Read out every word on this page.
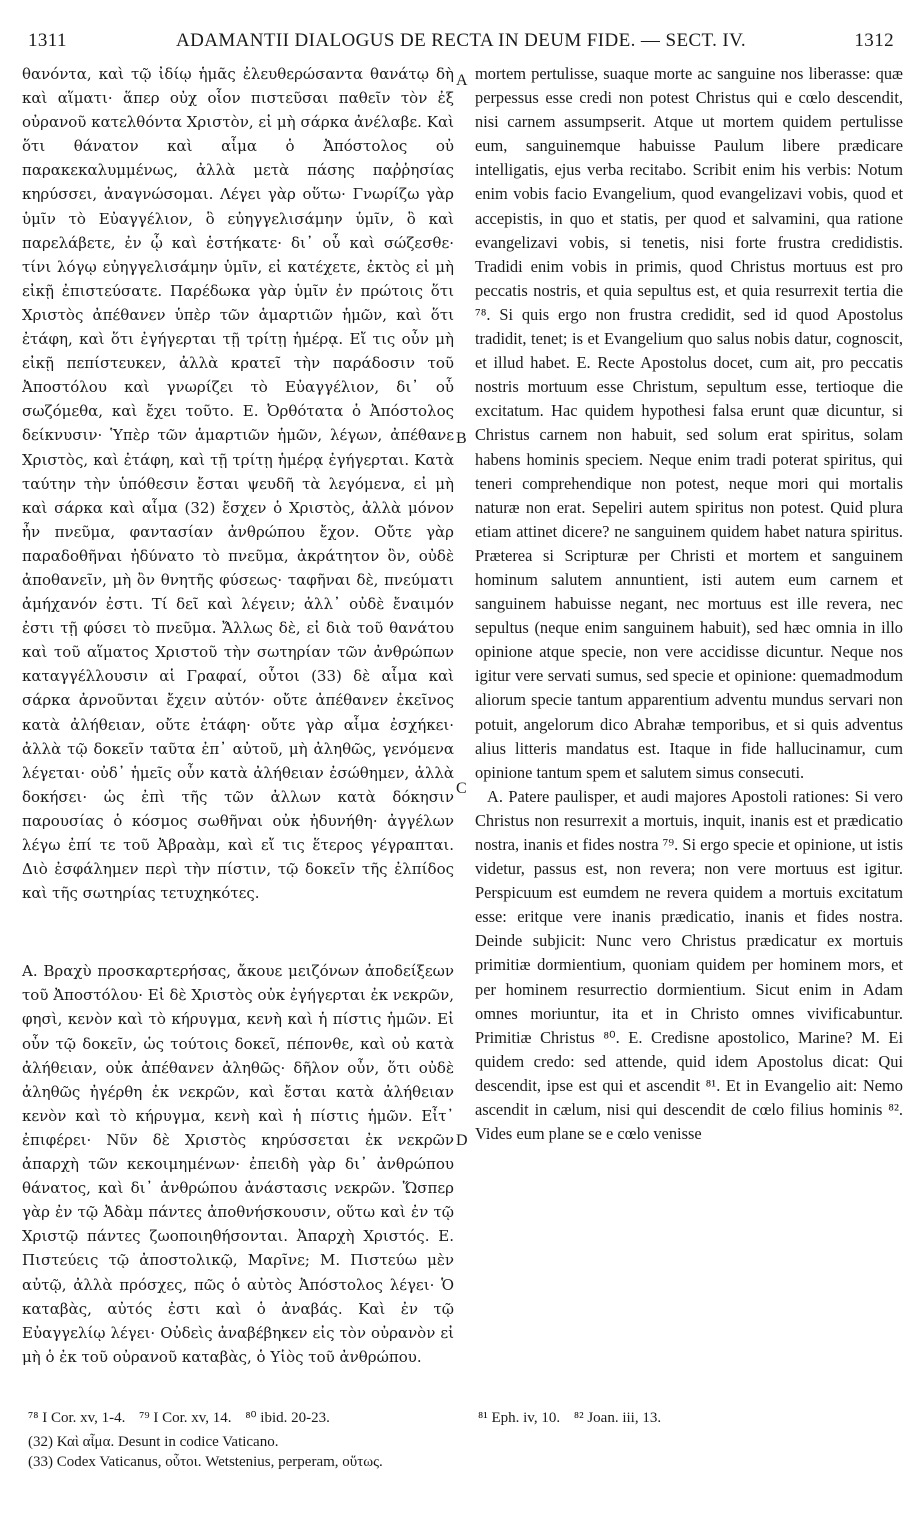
1311	ADAMANTII DIALOGUS DE RECTA IN DEUM FIDE. — SECT. IV.	1312

θανόντα, καὶ τῷ ἰδίῳ ἡμᾶς ἐλευθερώσαντα θανάτῳ δὴ καὶ αἵματι· ἅπερ οὐχ οἷον πιστεῦσαι παθεῖν τὸν ἐξ οὐρανοῦ κατελθόντα Χριστὸν, εἰ μὴ σάρκα ἀνέλαβε. Καὶ ὅτι θάνατον καὶ αἷμα ὁ Ἀπόστολος οὐ παρακεκαλυμμένως, ἀλλὰ μετὰ πάσης παῤῥησίας κηρύσσει, ἀναγνώσομαι. Λέγει γὰρ οὕτω· Γνωρίζω γὰρ ὑμῖν τὸ Εὐαγγέλιον, ὃ εὐηγγελισάμην ὑμῖν, ὃ καὶ παρελάβετε, ἐν ᾧ καὶ ἑστήκατε· δι᾽ οὗ καὶ σώζεσθε· τίνι λόγῳ εὐηγγελισάμην ὑμῖν, εἰ κατέχετε, ἐκτὸς εἰ μὴ εἰκῇ ἐπιστεύσατε. Παρέδωκα γὰρ ὑμῖν ἐν πρώτοις ὅτι Χριστὸς ἀπέθανεν ὑπὲρ τῶν ἁμαρτιῶν ἡμῶν, καὶ ὅτι ἐτάφη, καὶ ὅτι ἐγήγερται τῇ τρίτῃ ἡμέρᾳ. Εἴ τις οὖν μὴ εἰκῇ πεπίστευκεν, ἀλλὰ κρατεῖ τὴν παράδοσιν τοῦ Ἀποστόλου καὶ γνωρίζει τὸ Εὐαγγέλιον, δι᾽ οὗ σωζόμεθα, καὶ ἔχει τοῦτο. Ε. Ὀρθότατα ὁ Ἀπόστολος δείκνυσιν· Ὑπὲρ τῶν ἁμαρτιῶν ἡμῶν, λέγων, ἀπέθανε Χριστὸς, καὶ ἐτάφη, καὶ τῇ τρίτῃ ἡμέρᾳ ἐγήγερται. Κατὰ ταύτην τὴν ὑπόθεσιν ἔσται ψευδῆ τὰ λεγόμενα, εἰ μὴ καὶ σάρκα καὶ αἷμα (32) ἔσχεν ὁ Χριστὸς, ἀλλὰ μόνον ἦν πνεῦμα, φαντασίαν ἀνθρώπου ἔχον. Οὔτε γὰρ παραδοθῆναι ἠδύνατο τὸ πνεῦμα, ἀκράτητον ὂν, οὐδὲ ἀποθανεῖν, μὴ ὂν θνητῆς φύσεως· ταφῆναι δὲ, πνεύματι ἀμήχανόν ἐστι. Τί δεῖ καὶ λέγειν; ἀλλ᾽ οὐδὲ ἔναιμόν ἐστι τῇ φύσει τὸ πνεῦμα. Ἄλλως δὲ, εἰ διὰ τοῦ θανάτου καὶ τοῦ αἵματος Χριστοῦ τὴν σωτηρίαν τῶν ἀνθρώπων καταγγέλλουσιν αἱ Γραφαί, οὗτοι (33) δὲ αἷμα καὶ σάρκα ἀρνοῦνται ἔχειν αὐτόν· οὔτε ἀπέθανεν ἐκεῖνος κατὰ ἀλήθειαν, οὔτε ἐτάφη· οὔτε γὰρ αἷμα ἐσχήκει· ἀλλὰ τῷ δοκεῖν ταῦτα ἐπ᾽ αὐτοῦ, μὴ ἀληθῶς, γενόμενα λέγεται· οὐδ᾽ ἡμεῖς οὖν κατὰ ἀλήθειαν ἐσώθημεν, ἀλλὰ δοκήσει· ὡς ἐπὶ τῆς τῶν ἀλλων κατὰ δόκησιν παρουσίας ὁ κόσμος σωθῆναι οὐκ ἠδυνήθη· ἀγγέλων λέγω ἐπί τε τοῦ Ἀβραὰμ, καὶ εἴ τις ἕτερος γέγραπται. Διὸ ἐσφάλημεν περὶ τὴν πίστιν, τῷ δοκεῖν τῆς ἐλπίδος καὶ τῆς σωτηρίας τετυχηκότες.

Α. Βραχὺ προσκαρτερήσας, ἄκουε μειζόνων ἀποδείξεων τοῦ Ἀποστόλου· Εἰ δὲ Χριστὸς οὐκ ἐγήγερται ἐκ νεκρῶν, φησὶ, κενὸν καὶ τὸ κήρυγμα, κενὴ καὶ ἡ πίστις ἡμῶν. Εἰ οὖν τῷ δοκεῖν, ὡς τούτοις δοκεῖ, πέπονθε, καὶ οὐ κατὰ ἀλήθειαν, οὐκ ἀπέθανεν ἀληθῶς· δῆλον οὖν, ὅτι οὐδὲ ἀληθῶς ἠγέρθη ἐκ νεκρῶν, καὶ ἔσται κατὰ ἀλήθειαν κενὸν καὶ τὸ κήρυγμα, κενὴ καὶ ἡ πίστις ἡμῶν. Εἶτ᾽ ἐπιφέρει· Νῦν δὲ Χριστὸς κηρύσσεται ἐκ νεκρῶν ἀπαρχὴ τῶν κεκοιμημένων· ἐπειδὴ γὰρ δι᾽ ἀνθρώπου θάνατος, καὶ δι᾽ ἀνθρώπου ἀνάστασις νεκρῶν. Ὥσπερ γὰρ ἐν τῷ Ἀδὰμ πάντες ἀποθνήσκουσιν, οὕτω καὶ ἐν τῷ Χριστῷ πάντες ζωοποιηθήσονται. Ἀπαρχὴ Χριστός. Ε. Πιστεύεις τῷ ἀποστολικῷ, Μαρῖνε; Μ. Πιστεύω μὲν αὐτῷ, ἀλλὰ πρόσχες, πῶς ὁ αὐτὸς Ἀπόστολος λέγει· Ὁ καταβὰς, αὐτός ἐστι καὶ ὁ ἀναβάς. Καὶ ἐν τῷ Εὐαγγελίῳ λέγει· Οὐδεὶς ἀναβέβηκεν εἰς τὸν οὐρανὸν εἰ μὴ ὁ ἐκ τοῦ οὐρανοῦ καταβὰς, ὁ Υἱὸς τοῦ ἀνθρώπου.

mortem pertulisse, suaque morte ac sanguine nos liberasse: quæ perpessus esse credi non potest Christus qui e cœlo descendit, nisi carnem assumpserit. Atque ut mortem quidem pertulisse eum, sanguinemque habuisse Paulum libere prædicare intelligatis, ejus verba recitabo. Scribit enim his verbis: Notum enim vobis facio Evangelium, quod evangelizavi vobis, quod et accepistis, in quo et statis, per quod et salvamini, qua ratione evangelizavi vobis, si tenetis, nisi forte frustra credidistis. Tradidi enim vobis in primis, quod Christus mortuus est pro peccatis nostris, et quia sepultus est, et quia resurrexit tertia die ⁷⁸. Si quis ergo non frustra credidit, sed id quod Apostolus tradidit, tenet; is et Evangelium quo salus nobis datur, cognoscit, et illud habet. E. Recte Apostolus docet, cum ait, pro peccatis nostris mortuum esse Christum, sepultum esse, tertioque die excitatum. Hac quidem hypothesi falsa erunt quæ dicuntur, si Christus carnem non habuit, sed solum erat spiritus, solam habens hominis speciem. Neque enim tradi poterat spiritus, qui teneri comprehendique non potest, neque mori qui mortalis naturæ non erat. Sepeliri autem spiritus non potest. Quid plura etiam attinet dicere? ne sanguinem quidem habet natura spiritus. Præterea si Scripturæ per Christi et mortem et sanguinem hominum salutem annuntient, isti autem eum carnem et sanguinem habuisse negant, nec mortuus est ille revera, nec sepultus (neque enim sanguinem habuit), sed hæc omnia in illo opinione atque specie, non vere accidisse dicuntur. Neque nos igitur vere servati sumus, sed specie et opinione: quemadmodum aliorum specie tantum apparentium adventu mundus servari non potuit, angelorum dico Abrahæ temporibus, et si quis adventus alius litteris mandatus est. Itaque in fide hallucinamur, cum opinione tantum spem et salutem simus consecuti.

A. Patere paulisper, et audi majores Apostoli rationes: Si vero Christus non resurrexit a mortuis, inquit, inanis est et prædicatio nostra, inanis et fides nostra ⁷⁹. Si ergo specie et opinione, ut istis videtur, passus est, non revera; non vere mortuus est igitur. Perspicuum est eumdem ne revera quidem a mortuis excitatum esse: eritque vere inanis prædicatio, inanis et fides nostra. Deinde subjicit: Nunc vero Christus prædicatur ex mortuis primitiæ dormientium, quoniam quidem per hominem mors, et per hominem resurrectio dormientium. Sicut enim in Adam omnes moriuntur, ita et in Christo omnes vivificabuntur. Primitiæ Christus ⁸⁰. E. Credisne apostolico, Marine? M. Ei quidem credo: sed attende, quid idem Apostolus dicat: Qui descendit, ipse est qui et ascendit ⁸¹. Et in Evangelio ait: Nemo ascendit in cælum, nisi qui descendit de cœlo filius hominis ⁸². Vides eum plane se e cœlo venisse

A
B
C
D
⁷⁸ I Cor. xv, 1-4. ⁷⁹ I Cor. xv, 14. ⁸⁰ ibid. 20-23.	⁸¹ Eph. iv, 10. ⁸² Joan. iii, 13.
(32) Καὶ αἷμα. Desunt in codice Vaticano.
(33) Codex Vaticanus, οὗτοι. Wetstenius, perperam, οὕτως.
